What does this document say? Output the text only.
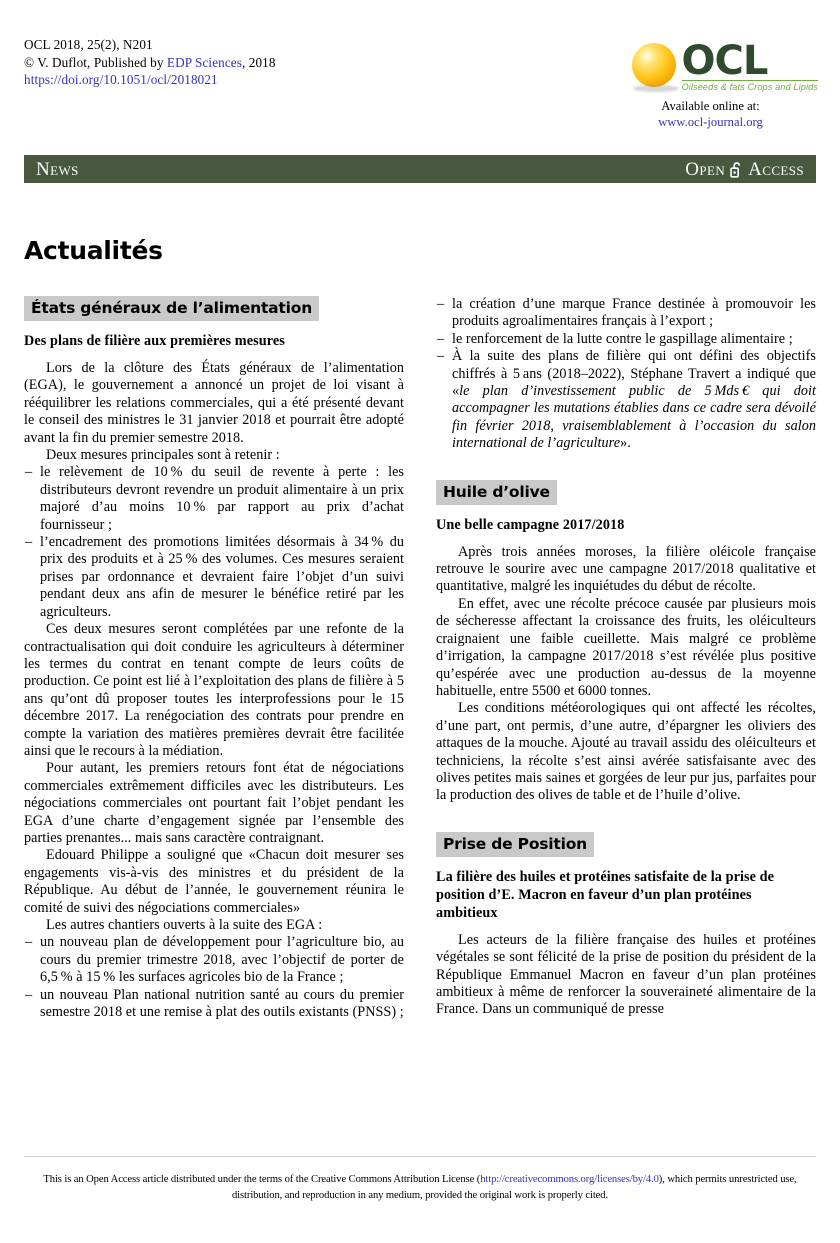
OCL 2018, 25(2), N201
© V. Duflot, Published by EDP Sciences, 2018
https://doi.org/10.1051/ocl/2018021	OCL
Oilseeds & fats Crops and Lipids
Available online at:
www.ocl-journal.org
News	Open Access
Actualités
États généraux de l’alimentation
Des plans de filière aux premières mesures

Lors de la clôture des États généraux de l’alimentation (EGA), le gouvernement a annoncé un projet de loi visant à rééquilibrer les relations commerciales, qui a été présenté devant le conseil des ministres le 31 janvier 2018 et pourrait être adopté avant la fin du premier semestre 2018.

Deux mesures principales sont à retenir :

– le relèvement de 10 % du seuil de revente à perte : les distributeurs devront revendre un produit alimentaire à un prix majoré d’au moins 10 % par rapport au prix d’achat fournisseur ;
– l’encadrement des promotions limitées désormais à 34 % du prix des produits et à 25 % des volumes. Ces mesures seraient prises par ordonnance et devraient faire l’objet d’un suivi pendant deux ans afin de mesurer le bénéfice retiré par les agriculteurs.

Ces deux mesures seront complétées par une refonte de la contractualisation qui doit conduire les agriculteurs à déterminer les termes du contrat en tenant compte de leurs coûts de production. Ce point est lié à l’exploitation des plans de filière à 5 ans qu’ont dû proposer toutes les interprofessions pour le 15 décembre 2017. La renégociation des contrats pour prendre en compte la variation des matières premières devrait être facilitée ainsi que le recours à la médiation.

Pour autant, les premiers retours font état de négociations commerciales extrêmement difficiles avec les distributeurs. Les négociations commerciales ont pourtant fait l’objet pendant les EGA d’une charte d’engagement signée par l’ensemble des parties prenantes... mais sans caractère contraignant.

Edouard Philippe a souligné que «Chacun doit mesurer ses engagements vis-à-vis des ministres et du président de la République. Au début de l’année, le gouvernement réunira le comité de suivi des négociations commerciales»

Les autres chantiers ouverts à la suite des EGA :

– un nouveau plan de développement pour l’agriculture bio, au cours du premier trimestre 2018, avec l’objectif de porter de 6,5 % à 15 % les surfaces agricoles bio de la France ;
– un nouveau Plan national nutrition santé au cours du premier semestre 2018 et une remise à plat des outils existants (PNSS) ;
– la création d’une marque France destinée à promouvoir les produits agroalimentaires français à l’export ;
– le renforcement de la lutte contre le gaspillage alimentaire ;
– À la suite des plans de filière qui ont défini des objectifs chiffrés à 5 ans (2018–2022), Stéphane Travert a indiqué que «le plan d’investissement public de 5 Mds € qui doit accompagner les mutations établies dans ce cadre sera dévoilé fin février 2018, vraisemblablement à l’occasion du salon international de l’agriculture».
Huile d’olive
Une belle campagne 2017/2018

Après trois années moroses, la filière oléicole française retrouve le sourire avec une campagne 2017/2018 qualitative et quantitative, malgré les inquiétudes du début de récolte.

En effet, avec une récolte précoce causée par plusieurs mois de sécheresse affectant la croissance des fruits, les oléiculteurs craignaient une faible cueillette. Mais malgré ce problème d’irrigation, la campagne 2017/2018 s’est révélée plus positive qu’espérée avec une production au-dessus de la moyenne habituelle, entre 5500 et 6000 tonnes.

Les conditions météorologiques qui ont affecté les récoltes, d’une part, ont permis, d’une autre, d’épargner les oliviers des attaques de la mouche. Ajouté au travail assidu des oléiculteurs et techniciens, la récolte s’est ainsi avérée satisfaisante avec des olives petites mais saines et gorgées de leur pur jus, parfaites pour la production des olives de table et de l’huile d’olive.

Prise de Position
La filière des huiles et protéines satisfaite de la prise de position d’E. Macron en faveur d’un plan protéines ambitieux

Les acteurs de la filière française des huiles et protéines végétales se sont félicité de la prise de position du président de la République Emmanuel Macron en faveur d’un plan protéines ambitieux à même de renforcer la souveraineté alimentaire de la France. Dans un communiqué de presse

This is an Open Access article distributed under the terms of the Creative Commons Attribution License (http://creativecommons.org/licenses/by/4.0), which permits unrestricted use, distribution, and reproduction in any medium, provided the original work is properly cited.
